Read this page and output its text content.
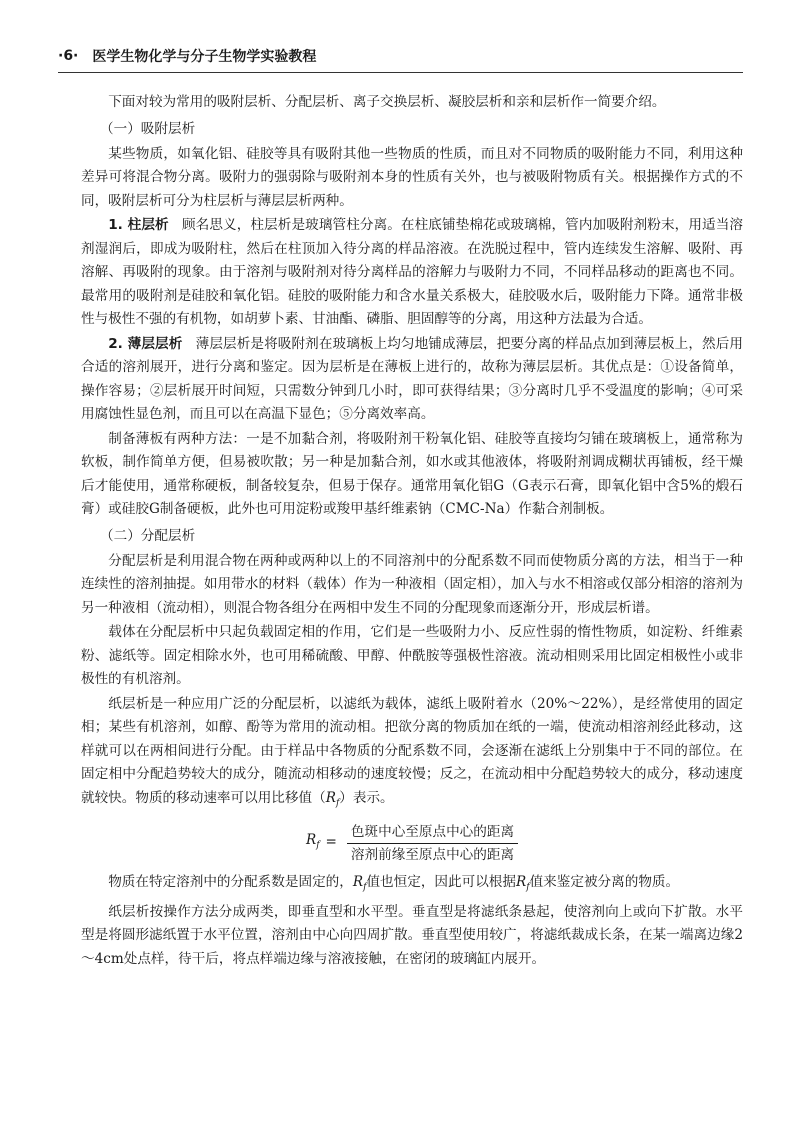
·6· 医学生物化学与分子生物学实验教程

下面对较为常用的吸附层析、分配层析、离子交换层析、凝胶层析和亲和层析作一简要介绍。

（一）吸附层析

某些物质，如氧化铝、硅胶等具有吸附其他一些物质的性质，而且对不同物质的吸附能力不同，利用这种差异可将混合物分离。吸附力的强弱除与吸附剂本身的性质有关外，也与被吸附物质有关。根据操作方式的不同，吸附层析可分为柱层析与薄层层析两种。

1. 柱层析 顾名思义，柱层析是玻璃管柱分离。在柱底铺垫棉花或玻璃棉，管内加吸附剂粉末，用适当溶剂湿润后，即成为吸附柱，然后在柱顶加入待分离的样品溶液。在洗脱过程中，管内连续发生溶解、吸附、再溶解、再吸附的现象。由于溶剂与吸附剂对待分离样品的溶解力与吸附力不同，不同样品移动的距离也不同。最常用的吸附剂是硅胶和氧化铝。硅胶的吸附能力和含水量关系极大，硅胶吸水后，吸附能力下降。通常非极性与极性不强的有机物，如胡萝卜素、甘油酯、磷脂、胆固醇等的分离，用这种方法最为合适。

2. 薄层层析 薄层层析是将吸附剂在玻璃板上均匀地铺成薄层，把要分离的样品点加到薄层板上，然后用合适的溶剂展开，进行分离和鉴定。因为层析是在薄板上进行的，故称为薄层层析。其优点是：①设备简单，操作容易；②层析展开时间短，只需数分钟到几小时，即可获得结果；③分离时几乎不受温度的影响；④可采用腐蚀性显色剂，而且可以在高温下显色；⑤分离效率高。

制备薄板有两种方法：一是不加黏合剂，将吸附剂干粉氧化铝、硅胶等直接均匀铺在玻璃板上，通常称为软板，制作简单方便，但易被吹散；另一种是加黏合剂，如水或其他液体，将吸附剂调成糊状再铺板，经干燥后才能使用，通常称硬板，制备较复杂，但易于保存。通常用氧化铝G（G表示石膏，即氧化铝中含5%的煅石膏）或硅胶G制备硬板，此外也可用淀粉或羧甲基纤维素钠（CMC-Na）作黏合剂制板。

（二）分配层析

分配层析是利用混合物在两种或两种以上的不同溶剂中的分配系数不同而使物质分离的方法，相当于一种连续性的溶剂抽提。如用带水的材料（载体）作为一种液相（固定相），加入与水不相溶或仅部分相溶的溶剂为另一种液相（流动相），则混合物各组分在两相中发生不同的分配现象而逐渐分开，形成层析谱。

载体在分配层析中只起负载固定相的作用，它们是一些吸附力小、反应性弱的惰性物质，如淀粉、纤维素粉、滤纸等。固定相除水外，也可用稀硫酸、甲醇、仲酰胺等强极性溶液。流动相则采用比固定相极性小或非极性的有机溶剂。

纸层析是一种应用广泛的分配层析，以滤纸为载体，滤纸上吸附着水（20%～22%），是经常使用的固定相；某些有机溶剂，如醇、酚等为常用的流动相。把欲分离的物质加在纸的一端，使流动相溶剂经此移动，这样就可以在两相间进行分配。由于样品中各物质的分配系数不同，会逐渐在滤纸上分别集中于不同的部位。在固定相中分配趋势较大的成分，随流动相移动的速度较慢；反之，在流动相中分配趋势较大的成分，移动速度就较快。物质的移动速率可以用比移值$(R_f)$表示。

$R_f = \frac{\text{色斑中心至原点中心的距离}}{\text{溶剂前缘至原点中心的距离}}$

物质在特定溶剂中的分配系数是固定的，$R_f$值也恒定，因此可以根据$R_f$值来鉴定被分离的物质。

纸层析按操作方法分成两类，即垂直型和水平型。垂直型是将滤纸条悬起，使溶剂向上或向下扩散。水平型是将圆形滤纸置于水平位置，溶剂由中心向四周扩散。垂直型使用较广，将滤纸裁成长条，在某一端离边缘2～4cm处点样，待干后，将点样端边缘与溶液接触，在密闭的玻璃缸内展开。
